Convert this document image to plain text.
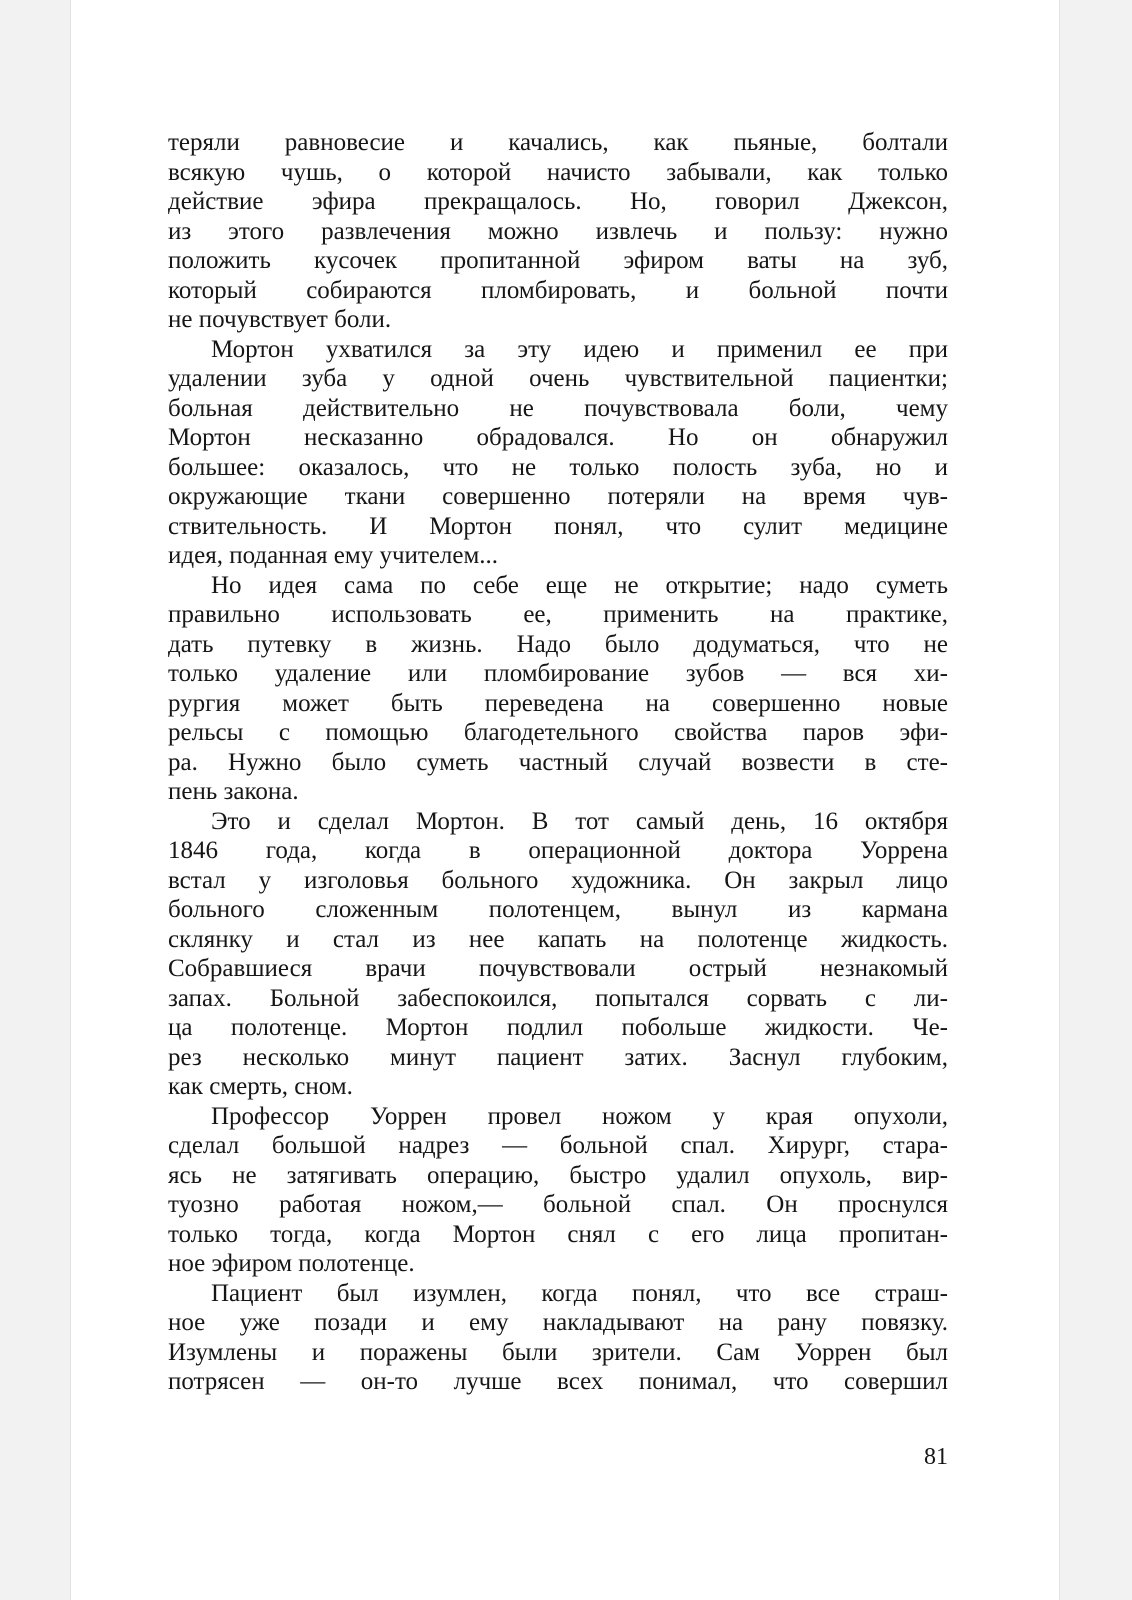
теряли равновесие и качались, как пьяные, болтали
всякую чушь, о которой начисто забывали, как только
действие эфира прекращалось. Но, говорил Джексон,
из этого развлечения можно извлечь и пользу: нужно
положить кусочек пропитанной эфиром ваты на зуб,
который собираются пломбировать, и больной почти
не почувствует боли.
Мортон ухватился за эту идею и применил ее при
удалении зуба у одной очень чувствительной пациентки;
больная действительно не почувствовала боли, чему
Мортон несказанно обрадовался. Но он обнаружил
большее: оказалось, что не только полость зуба, но и
окружающие ткани совершенно потеряли на время чув-
ствительность. И Мортон понял, что сулит медицине
идея, поданная ему учителем...
Но идея сама по себе еще не открытие; надо суметь
правильно использовать ее, применить на практике,
дать путевку в жизнь. Надо было додуматься, что не
только удаление или пломбирование зубов — вся хи-
рургия может быть переведена на совершенно новые
рельсы с помощью благодетельного свойства паров эфи-
ра. Нужно было суметь частный случай возвести в сте-
пень закона.
Это и сделал Мортон. В тот самый день, 16 октября
1846 года, когда в операционной доктора Уоррена
встал у изголовья больного художника. Он закрыл лицо
больного сложенным полотенцем, вынул из кармана
склянку и стал из нее капать на полотенце жидкость.
Собравшиеся врачи почувствовали острый незнакомый
запах. Больной забеспокоился, попытался сорвать с ли-
ца полотенце. Мортон подлил побольше жидкости. Че-
рез несколько минут пациент затих. Заснул глубоким,
как смерть, сном.
Профессор Уоррен провел ножом у края опухоли,
сделал большой надрез — больной спал. Хирург, стара-
ясь не затягивать операцию, быстро удалил опухоль, вир-
туозно работая ножом,— больной спал. Он проснулся
только тогда, когда Мортон снял с его лица пропитан-
ное эфиром полотенце.
Пациент был изумлен, когда понял, что все страш-
ное уже позади и ему накладывают на рану повязку.
Изумлены и поражены были зрители. Сам Уоррен был
потрясен — он-то лучше всех понимал, что совершил
81
